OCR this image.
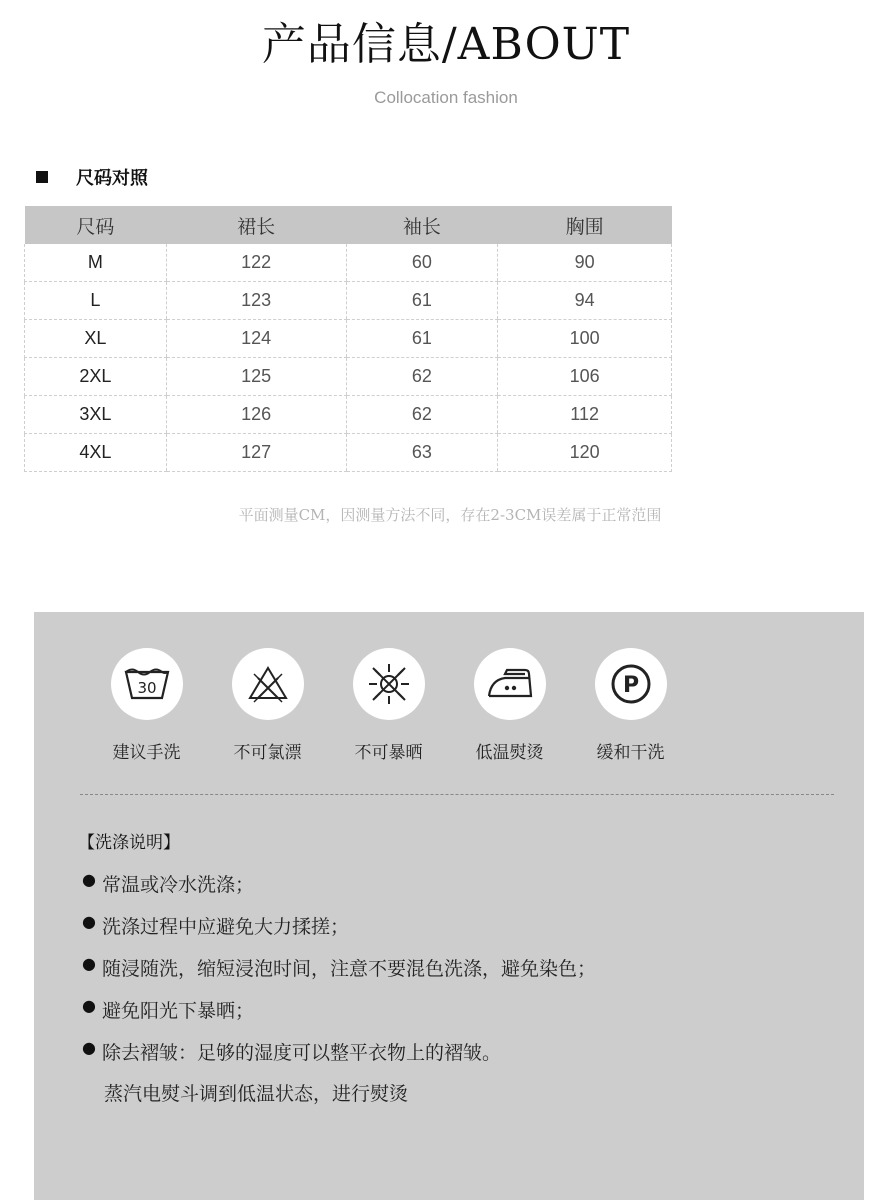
产品信息/ABOUT
Collocation fashion
尺码对照
尺码	裙长	袖长	胸围
M	122	60	90
L	123	61	94
XL	124	61	100
2XL	125	62	106
3XL	126	62	112
4XL	127	63	120
平面测量CM，因测量方法不同，存在2-3CM误差属于正常范围
30
建议手洗	不可氯漂	不可暴晒	低温熨烫
P
缓和干洗
【洗涤说明】
● 常温或冷水洗涤；
● 洗涤过程中应避免大力揉搓；
● 随浸随洗，缩短浸泡时间，注意不要混色洗涤，避免染色；
● 避免阳光下暴晒；
● 除去褶皱：足够的湿度可以整平衣物上的褶皱。
蒸汽电熨斗调到低温状态，进行熨烫
